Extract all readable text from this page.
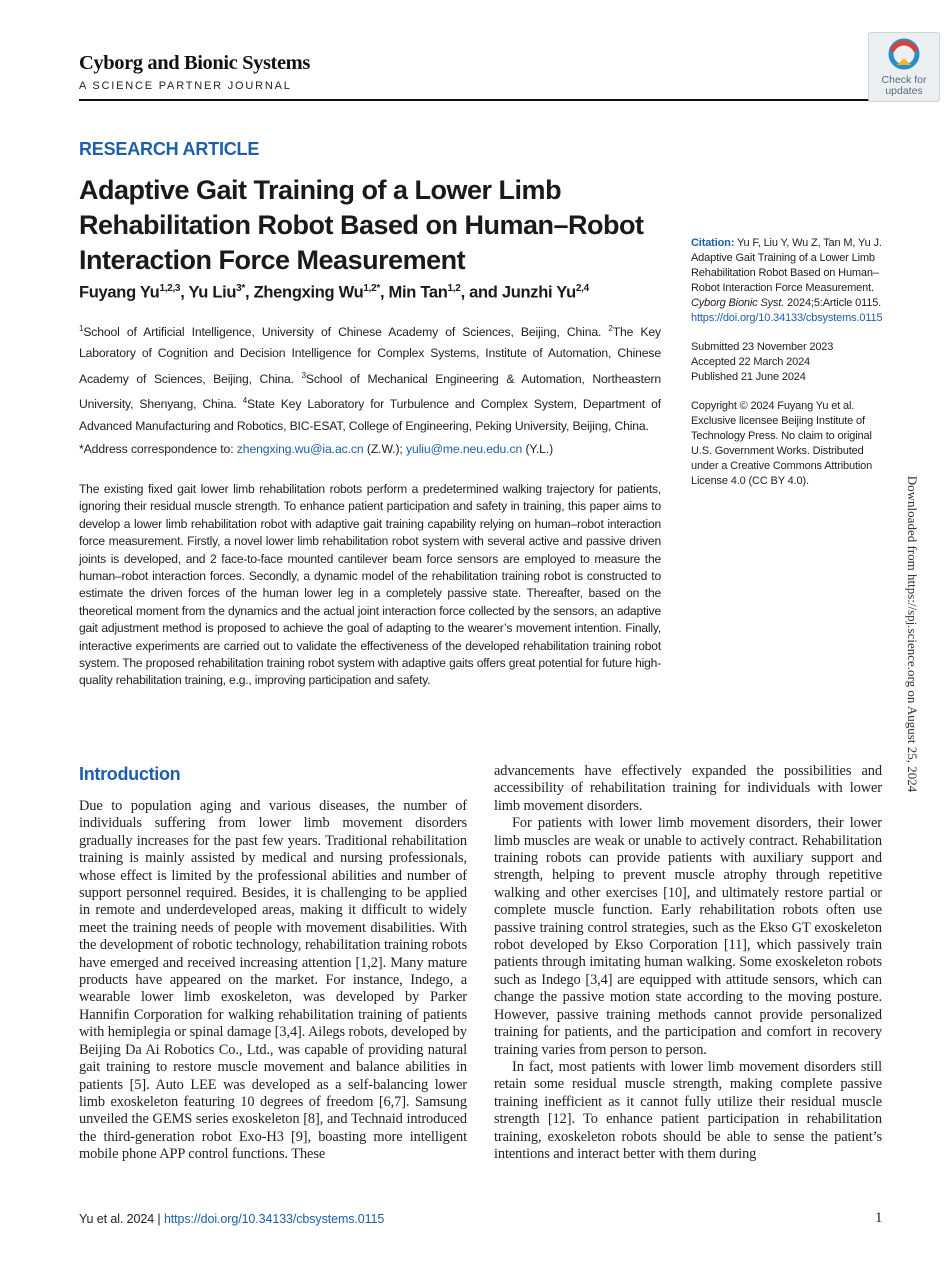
Cyborg and Bionic Systems
A SCIENCE PARTNER JOURNAL	Check for
updates
RESEARCH ARTICLE
Adaptive Gait Training of a Lower Limb Rehabilitation Robot Based on Human–Robot Interaction Force Measurement
Fuyang Yu$^{1,2,3}$, Yu Liu$^{3*}$, Zhengxing $Wu^{1,2*}$, Min Tan$^{1,2}$, and Junzhi Yu$^{2,4}$
$^1$School of Artificial Intelligence, University of Chinese Academy of Sciences, Beijing, China. $^2$The Key Laboratory of Cognition and Decision Intelligence for Complex Systems, Institute of Automation, Chinese Academy of Sciences, Beijing, China. $^3$School of Mechanical Engineering & Automation, Northeastern University, Shenyang, China. $^4$State Key Laboratory for Turbulence and Complex System, Department of Advanced Manufacturing and Robotics, BIC-ESAT, College of Engineering, Peking University, Beijing, China.
*Address correspondence to: zhengxing.wu@ia.ac.cn (Z.W.); yuliu@me.neu.edu.cn (Y.L.)

The existing fixed gait lower limb rehabilitation robots perform a predetermined walking trajectory for patients, ignoring their residual muscle strength. To enhance patient participation and safety in training, this paper aims to develop a lower limb rehabilitation robot with adaptive gait training capability relying on human–robot interaction force measurement. Firstly, a novel lower limb rehabilitation robot system with several active and passive driven joints is developed, and 2 face-to-face mounted cantilever beam force sensors are employed to measure the human–robot interaction forces. Secondly, a dynamic model of the rehabilitation training robot is constructed to estimate the driven forces of the human lower leg in a completely passive state. Thereafter, based on the theoretical moment from the dynamics and the actual joint interaction force collected by the sensors, an adaptive gait adjustment method is proposed to achieve the goal of adapting to the wearer’s movement intention. Finally, interactive experiments are carried out to validate the effectiveness of the developed rehabilitation training robot system. The proposed rehabilitation training robot system with adaptive gaits offers great potential for future high-quality rehabilitation training, e.g., improving participation and safety.

Citation: Yu F, Liu Y, Wu Z, Tan M, Yu J. Adaptive Gait Training of a Lower Limb Rehabilitation Robot Based on Human–Robot Interaction Force Measurement. Cyborg Bionic Syst. 2024;5:Article 0115. https://doi.org/10.34133/cbsystems.0115
Submitted 23 November 2023
Accepted 22 March 2024
Published 21 June 2024
Copyright © 2024 Fuyang Yu et al. Exclusive licensee Beijing Institute of Technology Press. No claim to original U.S. Government Works. Distributed under a Creative Commons Attribution License 4.0 (CC BY 4.0).	Downloaded from https://spj.science.org on August 25, 2024
Introduction

Due to population aging and various diseases, the number of individuals suffering from lower limb movement disorders gradually increases for the past few years. Traditional rehabilitation training is mainly assisted by medical and nursing professionals, whose effect is limited by the professional abilities and number of support personnel required. Besides, it is challenging to be applied in remote and underdeveloped areas, making it difficult to widely meet the training needs of people with movement disabilities. With the development of robotic technology, rehabilitation training robots have emerged and received increasing attention [1,2]. Many mature products have appeared on the market. For instance, Indego, a wearable lower limb exoskeleton, was developed by Parker Hannifin Corporation for walking rehabilitation training of patients with hemiplegia or spinal damage [3,4]. Ailegs robots, developed by Beijing Da Ai Robotics Co., Ltd., was capable of providing natural gait training to restore muscle movement and balance abilities in patients [5]. Auto LEE was developed as a self-balancing lower limb exoskeleton featuring 10 degrees of freedom [6,7]. Samsung unveiled the GEMS series exoskeleton [8], and Technaid introduced the third-generation robot Exo-H3 [9], boasting more intelligent mobile phone APP control functions. These

advancements have effectively expanded the possibilities and accessibility of rehabilitation training for individuals with lower limb movement disorders.

For patients with lower limb movement disorders, their lower limb muscles are weak or unable to actively contract. Rehabilitation training robots can provide patients with auxiliary support and strength, helping to prevent muscle atrophy through repetitive walking and other exercises [10], and ultimately restore partial or complete muscle function. Early rehabilitation robots often use passive training control strategies, such as the Ekso GT exoskeleton robot developed by Ekso Corporation [11], which passively train patients through imitating human walking. Some exoskeleton robots such as Indego [3,4] are equipped with attitude sensors, which can change the passive motion state according to the moving posture. However, passive training methods cannot provide personalized training for patients, and the participation and comfort in recovery training varies from person to person.

In fact, most patients with lower limb movement disorders still retain some residual muscle strength, making complete passive training inefficient as it cannot fully utilize their residual muscle strength [12]. To enhance patient participation in rehabilitation training, exoskeleton robots should be able to sense the patient’s intentions and interact better with them during

Yu et al. 2024 | https://doi.org/10.34133/cbsystems.0115	1
